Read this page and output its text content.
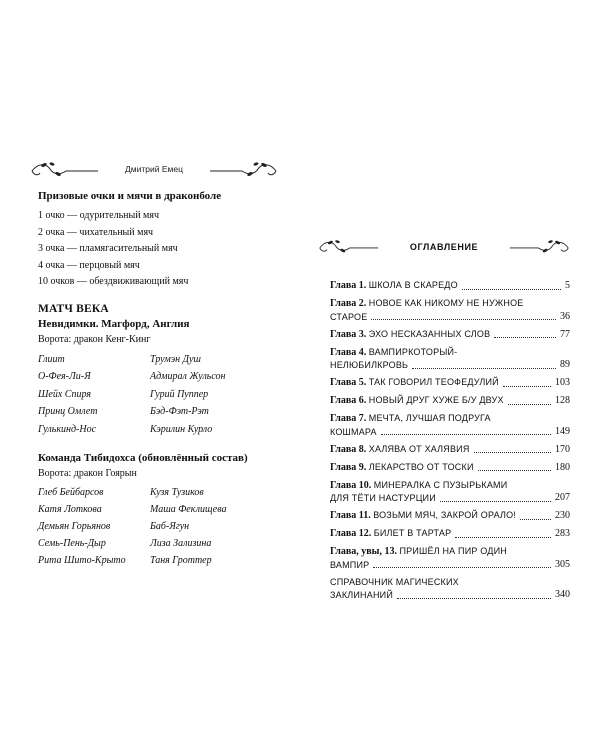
Дмитрий Емец
Призовые очки и мячи в драконболе
1 очко — одуритeльный мяч
2 очка — чихательный мяч
3 очка — пламягасительный мяч
4 очка — перцовый мяч
10 очков — обездвиживающий мяч
МАТЧ ВЕКА
Невидимки. Магфорд, Англия
Ворота: дракон Кенг-Кинг
Глиит	Трумэн Душ
О-Фея-Ли-Я	Адмирал Жульсон
Шейх Спиря	Гурий Пуппер
Принц Омлет	Бэд-Фэт-Рэт
Гулькинд-Нос	Кэрилин Курло
Команда Тибидохса (обновлённый состав)
Ворота: дракон Гоярын
Глеб Бейбарсов	Кузя Тузиков
Катя Лоткова	Маша Феклищева
Демьян Горьянов	Баб-Ягун
Семь-Пень-Дыр	Лиза Зализина
Рита Шито-Крыто	Таня Гроттер
ОГЛАВЛЕНИЕ
Глава 1. ШКОЛА В СКАРЕДО	5
Глава 2. НОВОЕ КАК НИКОМУ НЕ НУЖНОЕ
СТАРОЕ	36
Глава 3. ЭХО НЕСКАЗАННЫХ СЛОВ	77
Глава 4. ВАМПИРКОТОРЫЙ-
НЕЛЮБИЛКРОВЬ	89
Глава 5. ТАК ГОВОРИЛ ТЕОФЕДУЛИЙ	103
Глава 6. НОВЫЙ ДРУГ ХУЖЕ Б/У ДВУХ	128
Глава 7. МЕЧТА, ЛУЧШАЯ ПОДРУГА
КОШМАРА	149
Глава 8. ХАЛЯВА ОТ ХАЛЯВИЯ	170
Глава 9. ЛЕКАРСТВО ОТ ТОСКИ	180
Глава 10. МИНЕРАЛКА С ПУЗЫРЬКАМИ
ДЛЯ ТЁТИ НАСТУРЦИИ	207
Глава 11. ВОЗЬМИ МЯЧ, ЗАКРОЙ ОРАЛО!	230
Глава 12. БИЛЕТ В ТАРТАР	283
Глава, увы, 13. ПРИШЁЛ НА ПИР ОДИН
ВАМПИР	305
СПРАВОЧНИК МАГИЧЕСКИХ
ЗАКЛИНАНИЙ	340
